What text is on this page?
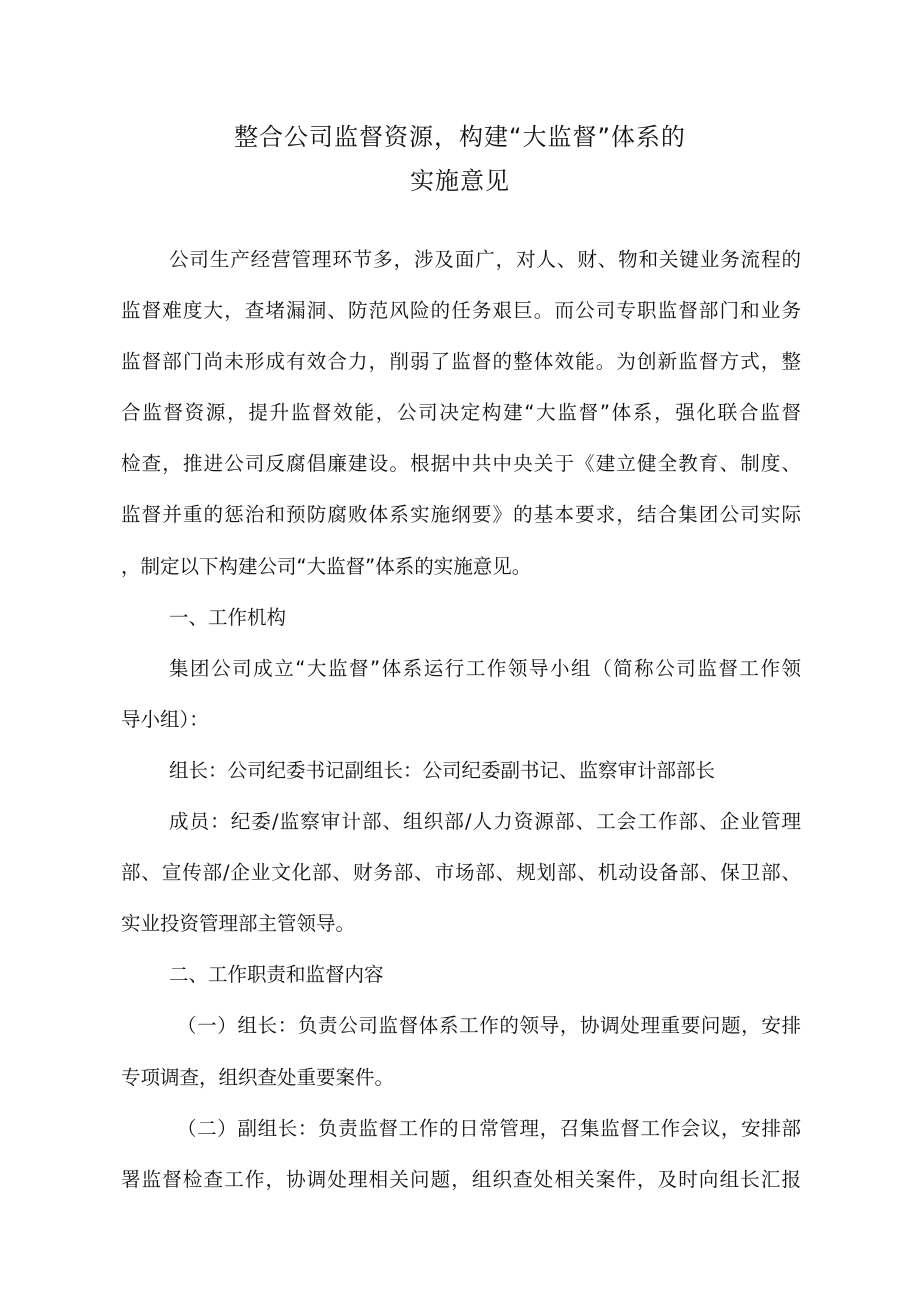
整合公司监督资源，构建“大监督”体系的
实施意见
公司生产经营管理环节多，涉及面广，对人、财、物和关键业务流程的
监督难度大，查堵漏洞、防范风险的任务艰巨。而公司专职监督部门和业务
监督部门尚未形成有效合力，削弱了监督的整体效能。为创新监督方式，整
合监督资源，提升监督效能，公司决定构建“大监督”体系，强化联合监督
检查，推进公司反腐倡廉建设。根据中共中央关于《建立健全教育、制度、
监督并重的惩治和预防腐败体系实施纲要》的基本要求，结合集团公司实际
，制定以下构建公司“大监督”体系的实施意见。
一、工作机构
集团公司成立“大监督”体系运行工作领导小组（简称公司监督工作领
导小组）：
组长：公司纪委书记副组长：公司纪委副书记、监察审计部部长
成员：纪委/监察审计部、组织部/人力资源部、工会工作部、企业管理
部、宣传部/企业文化部、财务部、市场部、规划部、机动设备部、保卫部、
实业投资管理部主管领导。
二、工作职责和监督内容
（一）组长：负责公司监督体系工作的领导，协调处理重要问题，安排
专项调查，组织查处重要案件。
（二）副组长：负责监督工作的日常管理，召集监督工作会议，安排部
署监督检查工作，协调处理相关问题，组织查处相关案件，及时向组长汇报
